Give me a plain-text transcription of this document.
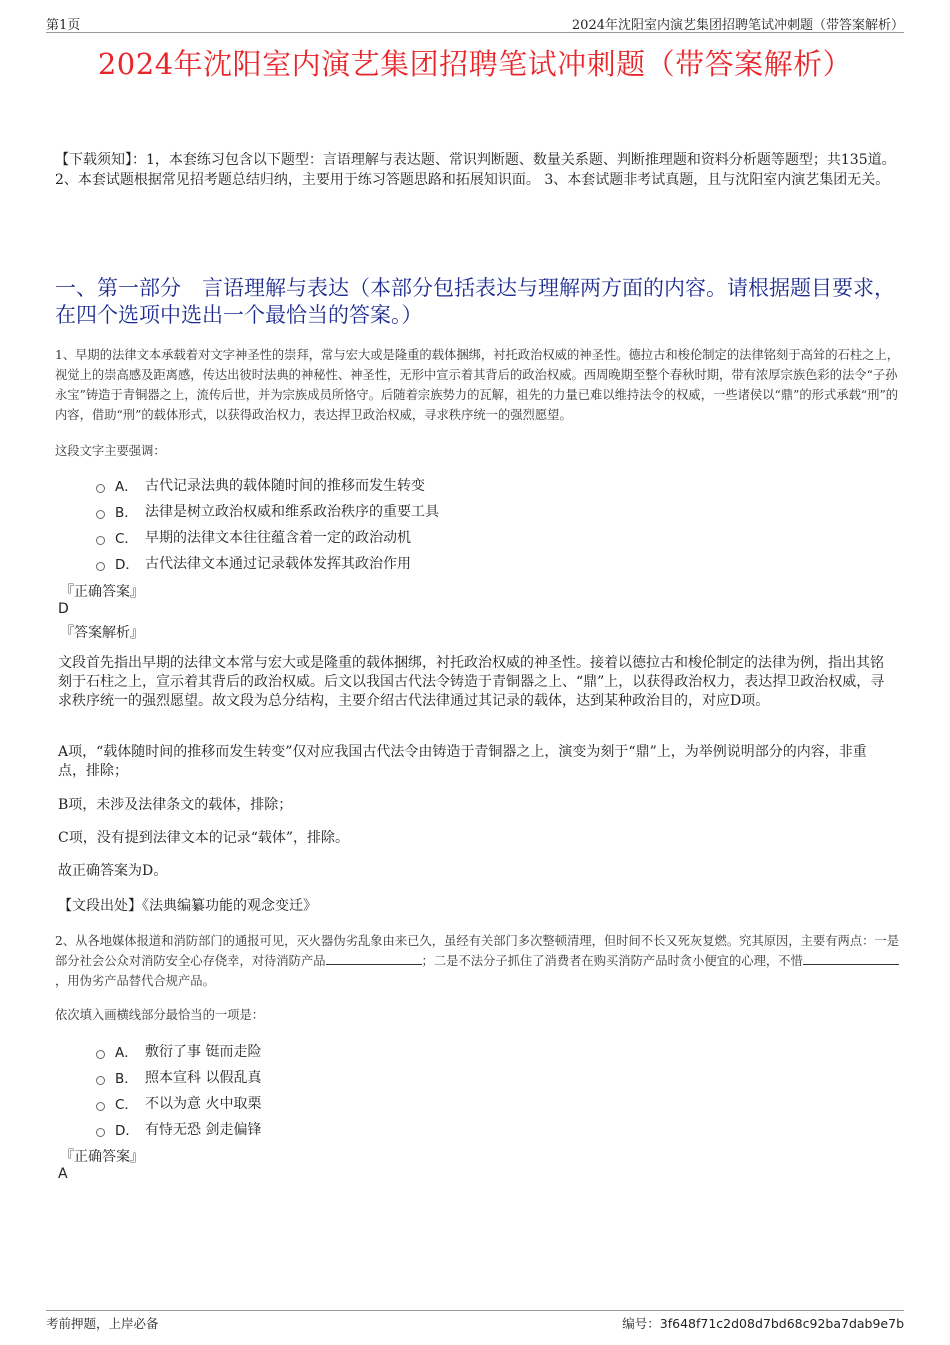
第1页	2024年沈阳室内演艺集团招聘笔试冲刺题（带答案解析）
2024年沈阳室内演艺集团招聘笔试冲刺题（带答案解析）
【下载须知】：1，本套练习包含以下题型：言语理解与表达题、常识判断题、数量关系题、判断推理题和资料分析题等题型；共135道。 2、本套试题根据常见招考题总结归纳，主要用于练习答题思路和拓展知识面。 3、本套试题非考试真题，且与沈阳室内演艺集团无关。
一、第一部分　言语理解与表达（本部分包括表达与理解两方面的内容。请根据题目要求，在四个选项中选出一个最恰当的答案。）
1、早期的法律文本承载着对文字神圣性的崇拜，常与宏大或是隆重的载体捆绑，衬托政治权威的神圣性。德拉古和梭伦制定的法律铭刻于高耸的石柱之上，视觉上的崇高感及距离感，传达出彼时法典的神秘性、神圣性，无形中宣示着其背后的政治权威。西周晚期至整个春秋时期，带有浓厚宗族色彩的法令“子孙永宝”铸造于青铜器之上，流传后世，并为宗族成员所恪守。后随着宗族势力的瓦解，祖先的力量已难以维持法令的权威，一些诸侯以“鼎”的形式承载“刑”的内容，借助“刑”的载体形式，以获得政治权力，表达捍卫政治权威，寻求秩序统一的强烈愿望。
这段文字主要强调：
A． 古代记录法典的载体随时间的推移而发生转变
B． 法律是树立政治权威和维系政治秩序的重要工具
C． 早期的法律文本往往蕴含着一定的政治动机
D． 古代法律文本通过记录载体发挥其政治作用
『正确答案』
D
『答案解析』
文段首先指出早期的法律文本常与宏大或是隆重的载体捆绑，衬托政治权威的神圣性。接着以德拉古和梭伦制定的法律为例，指出其铭刻于石柱之上，宣示着其背后的政治权威。后文以我国古代法令铸造于青铜器之上、“鼎”上，以获得政治权力，表达捍卫政治权威，寻求秩序统一的强烈愿望。故文段为总分结构，主要介绍古代法律通过其记录的载体，达到某种政治目的，对应D项。
A项，“载体随时间的推移而发生转变”仅对应我国古代法令由铸造于青铜器之上，演变为刻于“鼎”上，为举例说明部分的内容，非重点，排除；
B项，未涉及法律条文的载体，排除；
C项，没有提到法律文本的记录“载体”，排除。
故正确答案为D。
【文段出处】《法典编纂功能的观念变迁》
2、从各地媒体报道和消防部门的通报可见，灭火器伪劣乱象由来已久，虽经有关部门多次整顿清理，但时间不长又死灰复燃。究其原因，主要有两点：一是部分社会公众对消防安全心存侥幸，对待消防产品	；二是不法分子抓住了消费者在购买消防产品时贪小便宜的心理，不惜，用伪劣产品替代合规产品。
依次填入画横线部分最恰当的一项是：
A． 敷衍了事 铤而走险
B． 照本宣科 以假乱真
C． 不以为意 火中取栗
D． 有恃无恐 剑走偏锋
『正确答案』
A
考前押题，上岸必备	编号：3f648f71c2d08d7bd68c92ba7dab9e7b
